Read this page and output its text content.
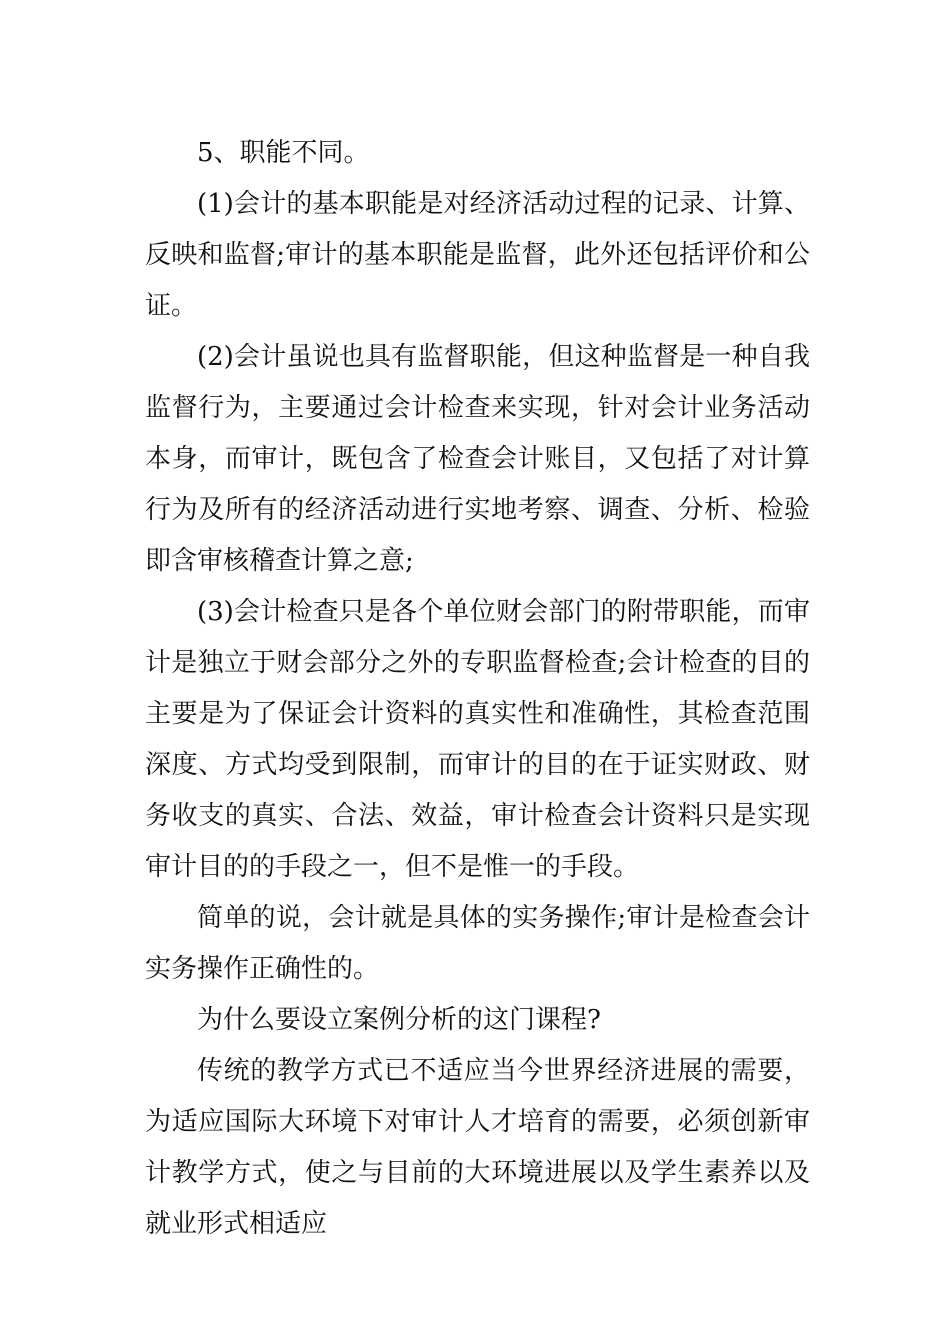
5、职能不同。

(1)会计的基本职能是对经济活动过程的记录、计算、反映和监督;审计的基本职能是监督，此外还包括评价和公证。

(2)会计虽说也具有监督职能，但这种监督是一种自我监督行为，主要通过会计检查来实现，针对会计业务活动本身，而审计，既包含了检查会计账目，又包括了对计算行为及所有的经济活动进行实地考察、调查、分析、检验即含审核稽查计算之意;

(3)会计检查只是各个单位财会部门的附带职能，而审计是独立于财会部分之外的专职监督检查;会计检查的目的主要是为了保证会计资料的真实性和准确性，其检查范围深度、方式均受到限制，而审计的目的在于证实财政、财务收支的真实、合法、效益，审计检查会计资料只是实现审计目的的手段之一，但不是惟一的手段。

简单的说，会计就是具体的实务操作;审计是检查会计实务操作正确性的。

为什么要设立案例分析的这门课程?

传统的教学方式已不适应当今世界经济进展的需要，为适应国际大环境下对审计人才培育的需要，必须创新审计教学方式，使之与目前的大环境进展以及学生素养以及就业形式相适应
